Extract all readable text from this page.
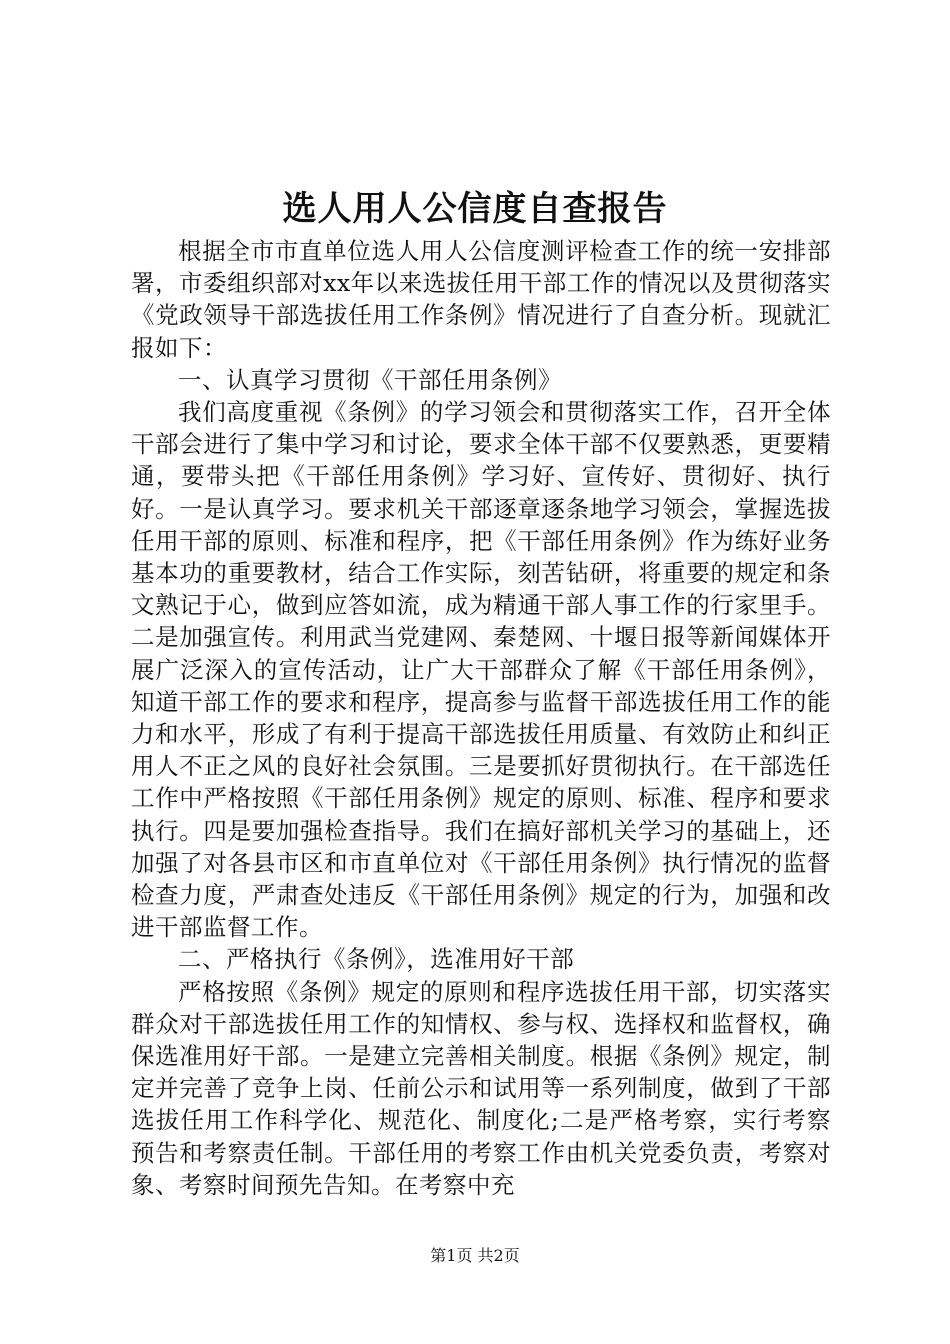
选人用人公信度自查报告

根据全市市直单位选人用人公信度测评检查工作的统一安排部署，市委组织部对xx年以来选拔任用干部工作的情况以及贯彻落实《党政领导干部选拔任用工作条例》情况进行了自查分析。现就汇报如下：

一、认真学习贯彻《干部任用条例》

我们高度重视《条例》的学习领会和贯彻落实工作，召开全体干部会进行了集中学习和讨论，要求全体干部不仅要熟悉，更要精通，要带头把《干部任用条例》学习好、宣传好、贯彻好、执行好。一是认真学习。要求机关干部逐章逐条地学习领会，掌握选拔任用干部的原则、标准和程序，把《干部任用条例》作为练好业务基本功的重要教材，结合工作实际，刻苦钻研，将重要的规定和条文熟记于心，做到应答如流，成为精通干部人事工作的行家里手。二是加强宣传。利用武当党建网、秦楚网、十堰日报等新闻媒体开展广泛深入的宣传活动，让广大干部群众了解《干部任用条例》，知道干部工作的要求和程序，提高参与监督干部选拔任用工作的能力和水平，形成了有利于提高干部选拔任用质量、有效防止和纠正用人不正之风的良好社会氛围。三是要抓好贯彻执行。在干部选任工作中严格按照《干部任用条例》规定的原则、标准、程序和要求执行。四是要加强检查指导。我们在搞好部机关学习的基础上，还加强了对各县市区和市直单位对《干部任用条例》执行情况的监督检查力度，严肃查处违反《干部任用条例》规定的行为，加强和改进干部监督工作。

二、严格执行《条例》，选准用好干部

严格按照《条例》规定的原则和程序选拔任用干部，切实落实群众对干部选拔任用工作的知情权、参与权、选择权和监督权，确保选准用好干部。一是建立完善相关制度。根据《条例》规定，制定并完善了竞争上岗、任前公示和试用等一系列制度，做到了干部选拔任用工作科学化、规范化、制度化;二是严格考察，实行考察预告和考察责任制。干部任用的考察工作由机关党委负责，考察对象、考察时间预先告知。在考察中充

第1页 共2页
